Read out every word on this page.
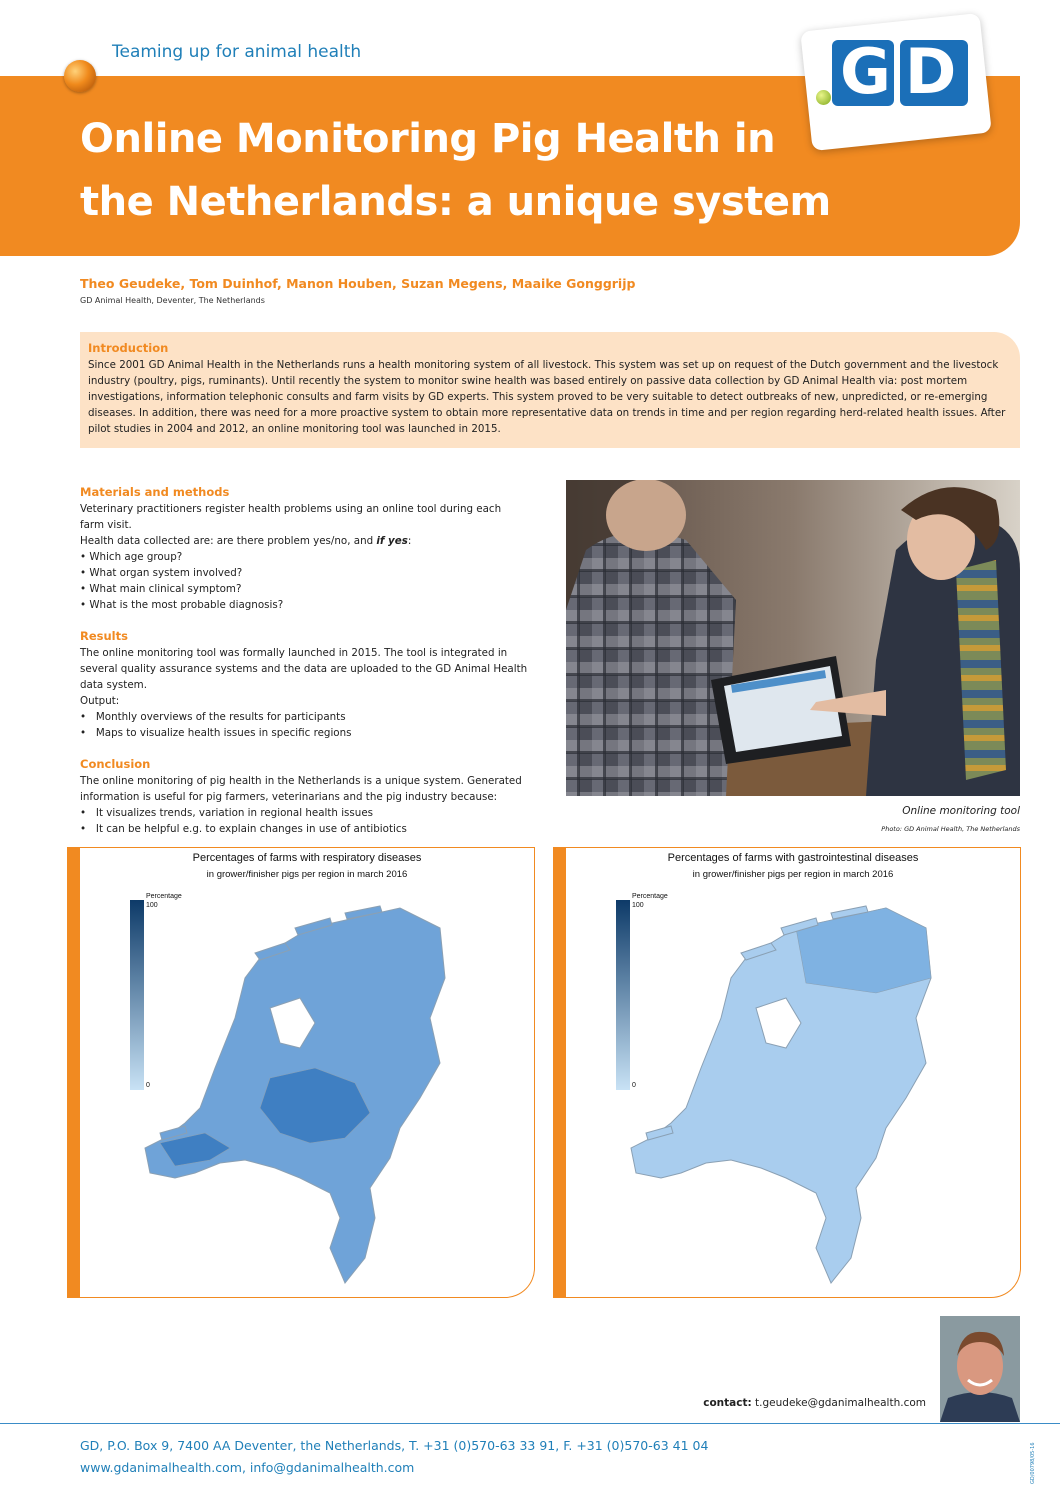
Teaming up for animal health
Online Monitoring Pig Health in
the Netherlands: a unique system
GD
Theo Geudeke, Tom Duinhof, Manon Houben, Suzan Megens, Maaike Gonggrijp
GD Animal Health, Deventer, The Netherlands
Introduction
Since 2001 GD Animal Health in the Netherlands runs a health monitoring system of all livestock. This system was set up on request of the Dutch government and the livestock industry (poultry, pigs, ruminants). Until recently the system to monitor swine health was based entirely on passive data collection by GD Animal Health via: post mortem investigations, information telephonic consults and farm visits by GD experts. This system proved to be very suitable to detect outbreaks of new, unpredicted, or re-emerging diseases. In addition, there was need for a more proactive system to obtain more representative data on trends in time and per region regarding herd-related health issues. After pilot studies in 2004 and 2012, an online monitoring tool was launched in 2015.
Materials and methods
Veterinary practitioners register health problems using an online tool during each
farm visit.
Health data collected are: are there problem yes/no, and if yes:
• Which age group?
• What organ system involved?
• What main clinical symptom?
• What is the most probable diagnosis?
Results
The online monitoring tool was formally launched in 2015. The tool is integrated in
several quality assurance systems and the data are uploaded to the GD Animal Health
data system.
Output:
•   Monthly overviews of the results for participants
•   Maps to visualize health issues in specific regions
Conclusion
The online monitoring of pig health in the Netherlands is a unique system. Generated
information is useful for pig farmers, veterinarians and the pig industry because:
•   It visualizes trends, variation in regional health issues
•   It can be helpful e.g. to explain changes in use of antibiotics
Online monitoring tool
Photo: GD Animal Health, The Netherlands
Percentages of farms with respiratory diseases
in grower/finisher pigs per region in march 2016
Percentage
100
0
Percentages of farms with gastrointestinal diseases
in grower/finisher pigs per region in march 2016
Percentage
100
0
contact: t.geudeke@gdanimalhealth.com
GD, P.O. Box 9, 7400 AA Deventer, the Netherlands, T. +31 (0)570-63 33 91, F. +31 (0)570-63 41 04
www.gdanimalhealth.com, info@gdanimalhealth.com	GD/00798/05-16
